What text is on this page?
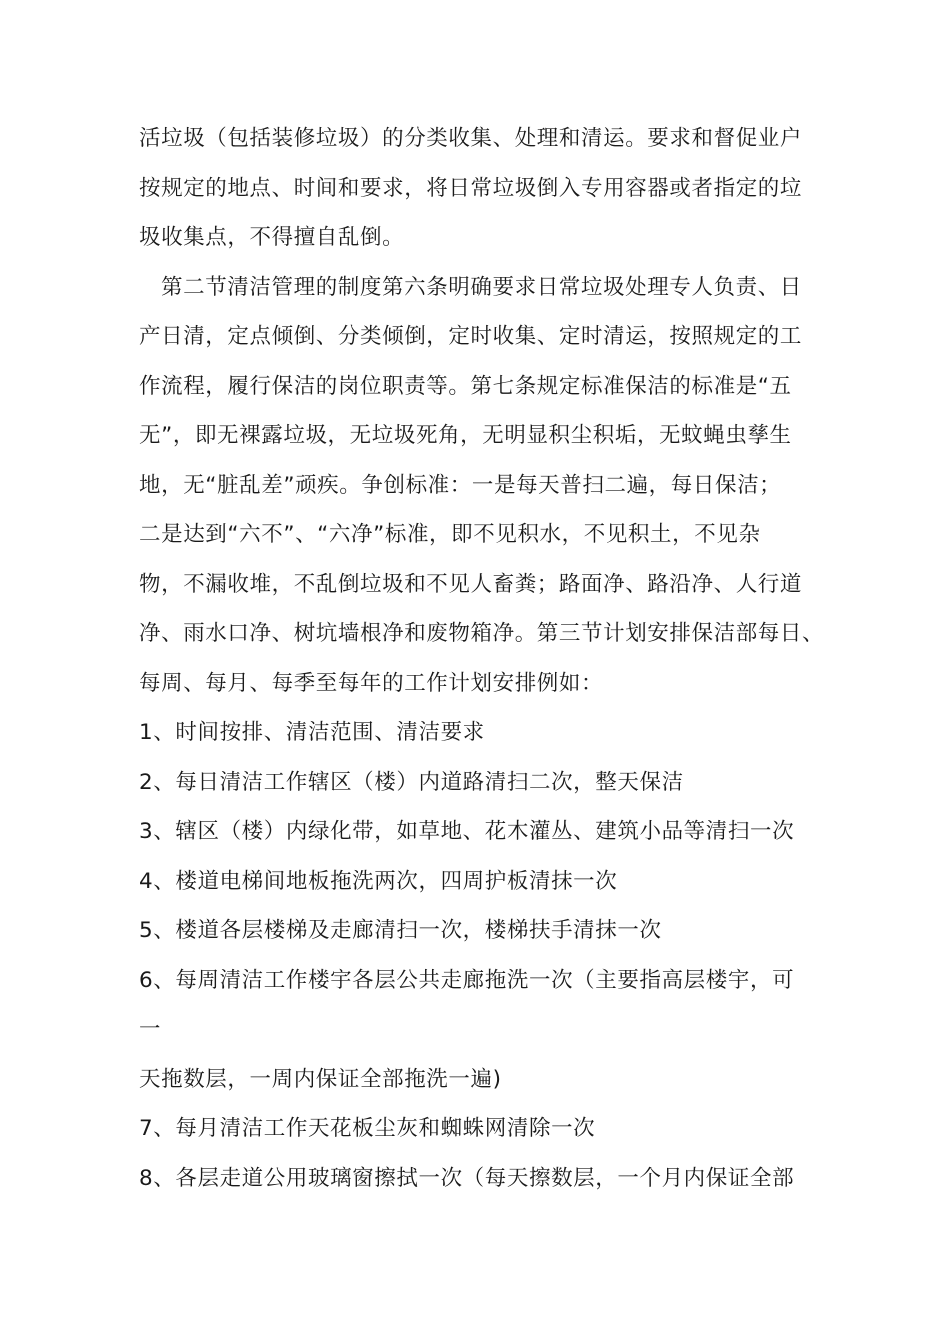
活垃圾（包括装修垃圾）的分类收集、处理和清运。要求和督促业户
按规定的地点、时间和要求，将日常垃圾倒入专用容器或者指定的垃
圾收集点，不得擅自乱倒。
第二节清洁管理的制度第六条明确要求日常垃圾处理专人负责、日
产日清，定点倾倒、分类倾倒，定时收集、定时清运，按照规定的工
作流程，履行保洁的岗位职责等。第七条规定标准保洁的标准是“五
无”，即无裸露垃圾，无垃圾死角，无明显积尘积垢，无蚊蝇虫孳生
地，无“脏乱差”顽疾。争创标准：一是每天普扫二遍，每日保洁；
二是达到“六不”、“六净”标准，即不见积水，不见积土，不见杂
物，不漏收堆，不乱倒垃圾和不见人畜粪；路面净、路沿净、人行道
净、雨水口净、树坑墙根净和废物箱净。第三节计划安排保洁部每日、
每周、每月、每季至每年的工作计划安排例如：
1、时间按排、清洁范围、清洁要求
2、每日清洁工作辖区（楼）内道路清扫二次，整天保洁
3、辖区（楼）内绿化带，如草地、花木灌丛、建筑小品等清扫一次
4、楼道电梯间地板拖洗两次，四周护板清抹一次
5、楼道各层楼梯及走廊清扫一次，楼梯扶手清抹一次
6、每周清洁工作楼宇各层公共走廊拖洗一次（主要指高层楼宇，可
一
天拖数层，一周内保证全部拖洗一遍)
7、每月清洁工作天花板尘灰和蜘蛛网清除一次
8、各层走道公用玻璃窗擦拭一次（每天擦数层，一个月内保证全部
